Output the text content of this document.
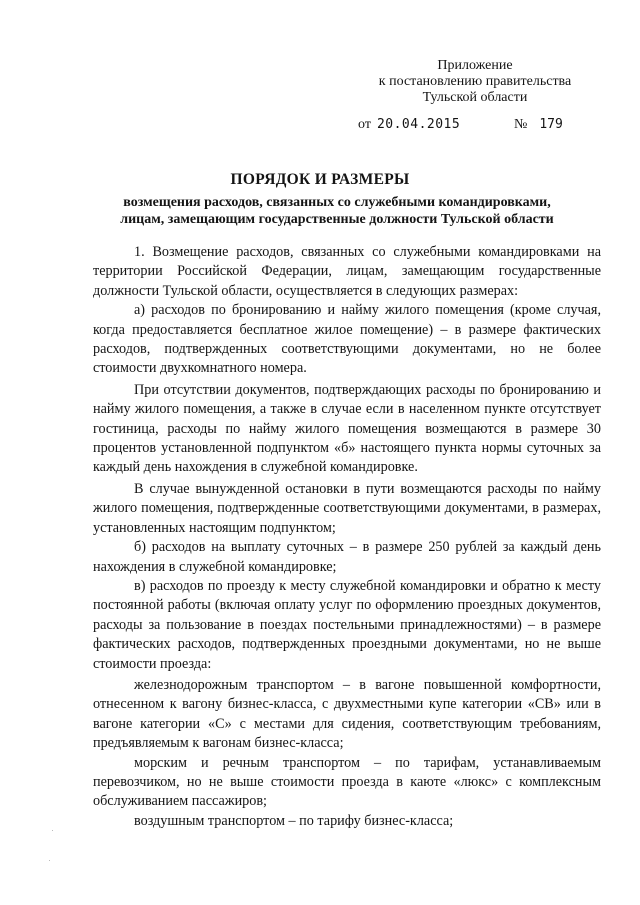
Приложение
к постановлению правительства
Тульской области
от 20.04.2015	№ 179
ПОРЯДОК И РАЗМЕРЫ
возмещения расходов, связанных со служебными командировками,
лицам, замещающим государственные должности Тульской области

1. Возмещение расходов, связанных со служебными командировками на территории Российской Федерации, лицам, замещающим государственные должности Тульской области, осуществляется в следующих размерах:

а) расходов по бронированию и найму жилого помещения (кроме случая, когда предоставляется бесплатное жилое помещение) – в размере фактических расходов, подтвержденных соответствующими документами, но не более стоимости двухкомнатного номера.

При отсутствии документов, подтверждающих расходы по бронированию и найму жилого помещения, а также в случае если в населенном пункте отсутствует гостиница, расходы по найму жилого помещения возмещаются в размере 30 процентов установленной подпунктом «б» настоящего пункта нормы суточных за каждый день нахождения в служебной командировке.

В случае вынужденной остановки в пути возмещаются расходы по найму жилого помещения, подтвержденные соответствующими документами, в размерах, установленных настоящим подпунктом;

б) расходов на выплату суточных – в размере 250 рублей за каждый день нахождения в служебной командировке;

в) расходов по проезду к месту служебной командировки и обратно к месту постоянной работы (включая оплату услуг по оформлению проездных документов, расходы за пользование в поездах постельными принадлежностями) – в размере фактических расходов, подтвержденных проездными документами, но не выше стоимости проезда:

железнодорожным транспортом – в вагоне повышенной комфортности, отнесенном к вагону бизнес-класса, с двухместными купе категории «СВ» или в вагоне категории «С» с местами для сидения, соответствующим требованиям, предъявляемым к вагонам бизнес-класса;

морским и речным транспортом – по тарифам, устанавливаемым перевозчиком, но не выше стоимости проезда в каюте «люкс» с комплексным обслуживанием пассажиров;

воздушным транспортом – по тарифу бизнес-класса;
